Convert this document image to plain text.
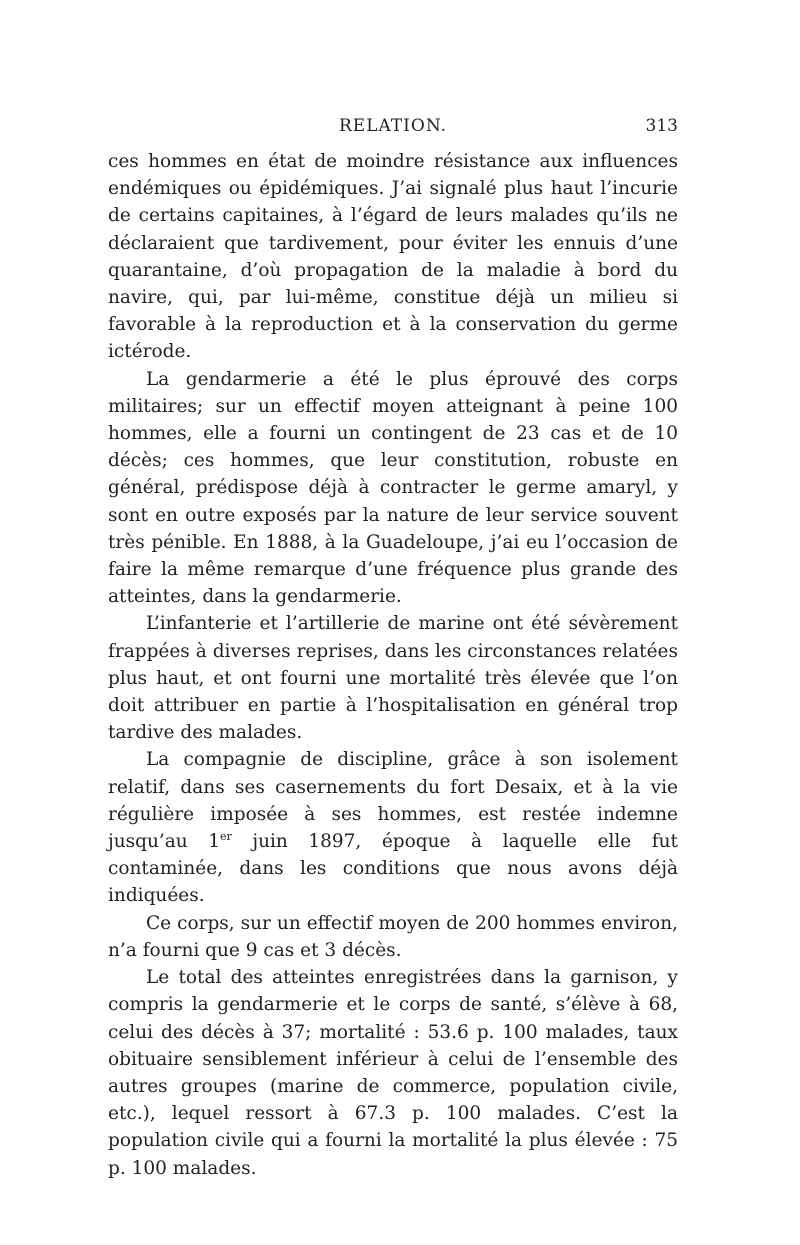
RELATION.	313

ces hommes en état de moindre résistance aux influences endémiques ou épidémiques. J’ai signalé plus haut l’incurie de certains capitaines, à l’égard de leurs malades qu’ils ne déclaraient que tardivement, pour éviter les ennuis d’une quarantaine, d’où propagation de la maladie à bord du navire, qui, par lui-même, constitue déjà un milieu si favorable à la reproduction et à la conservation du germe ictérode.

La gendarmerie a été le plus éprouvé des corps militaires; sur un effectif moyen atteignant à peine 100 hommes, elle a fourni un contingent de 23 cas et de 10 décès; ces hommes, que leur constitution, robuste en général, prédispose déjà à contracter le germe amaryl, y sont en outre exposés par la nature de leur service souvent très pénible. En 1888, à la Guadeloupe, j’ai eu l’occasion de faire la même remarque d’une fréquence plus grande des atteintes, dans la gendarmerie.

L’infanterie et l’artillerie de marine ont été sévèrement frappées à diverses reprises, dans les circonstances relatées plus haut, et ont fourni une mortalité très élevée que l’on doit attribuer en partie à l’hospitalisation en général trop tardive des malades.

La compagnie de discipline, grâce à son isolement relatif, dans ses casernements du fort Desaix, et à la vie régulière imposée à ses hommes, est restée indemne jusqu’au 1er juin 1897, époque à laquelle elle fut contaminée, dans les conditions que nous avons déjà indiquées.

Ce corps, sur un effectif moyen de 200 hommes environ, n’a fourni que 9 cas et 3 décès.

Le total des atteintes enregistrées dans la garnison, y compris la gendarmerie et le corps de santé, s’élève à 68, celui des décès à 37; mortalité : 53.6 p. 100 malades, taux obituaire sensiblement inférieur à celui de l’ensemble des autres groupes (marine de commerce, population civile, etc.), lequel ressort à 67.3 p. 100 malades. C’est la population civile qui a fourni la mortalité la plus élevée : 75 p. 100 malades.
